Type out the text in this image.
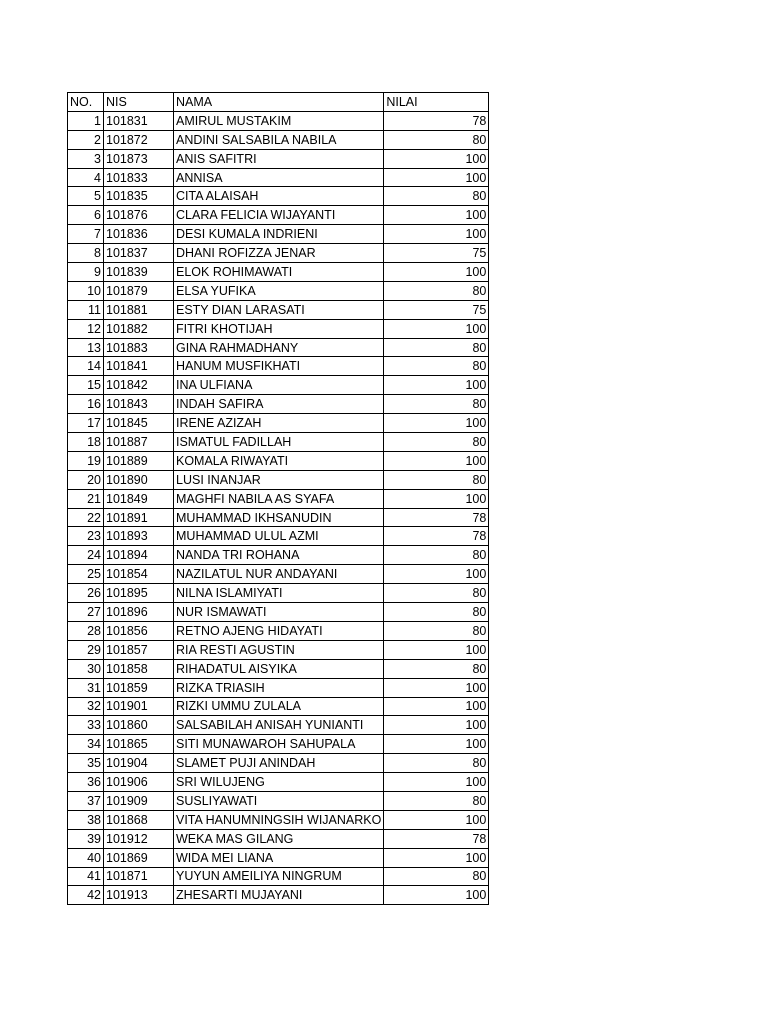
NO.	NIS	NAMA	NILAI
1	101831	AMIRUL MUSTAKIM	78
2	101872	ANDINI SALSABILA NABILA	80
3	101873	ANIS SAFITRI	100
4	101833	ANNISA	100
5	101835	CITA ALAISAH	80
6	101876	CLARA FELICIA WIJAYANTI	100
7	101836	DESI KUMALA INDRIENI	100
8	101837	DHANI ROFIZZA JENAR	75
9	101839	ELOK ROHIMAWATI	100
10	101879	ELSA YUFIKA	80
11	101881	ESTY DIAN LARASATI	75
12	101882	FITRI KHOTIJAH	100
13	101883	GINA RAHMADHANY	80
14	101841	HANUM MUSFIKHATI	80
15	101842	INA ULFIANA	100
16	101843	INDAH SAFIRA	80
17	101845	IRENE AZIZAH	100
18	101887	ISMATUL FADILLAH	80
19	101889	KOMALA RIWAYATI	100
20	101890	LUSI INANJAR	80
21	101849	MAGHFI NABILA AS SYAFA	100
22	101891	MUHAMMAD IKHSANUDIN	78
23	101893	MUHAMMAD ULUL AZMI	78
24	101894	NANDA TRI ROHANA	80
25	101854	NAZILATUL NUR ANDAYANI	100
26	101895	NILNA ISLAMIYATI	80
27	101896	NUR ISMAWATI	80
28	101856	RETNO AJENG HIDAYATI	80
29	101857	RIA RESTI AGUSTIN	100
30	101858	RIHADATUL AISYIKA	80
31	101859	RIZKA TRIASIH	100
32	101901	RIZKI UMMU ZULALA	100
33	101860	SALSABILAH ANISAH YUNIANTI	100
34	101865	SITI MUNAWAROH SAHUPALA	100
35	101904	SLAMET PUJI ANINDAH	80
36	101906	SRI WILUJENG	100
37	101909	SUSLIYAWATI	80
38	101868	VITA HANUMNINGSIH WIJANARKO	100
39	101912	WEKA MAS GILANG	78
40	101869	WIDA MEI LIANA	100
41	101871	YUYUN AMEILIYA NINGRUM	80
42	101913	ZHESARTI MUJAYANI	100
